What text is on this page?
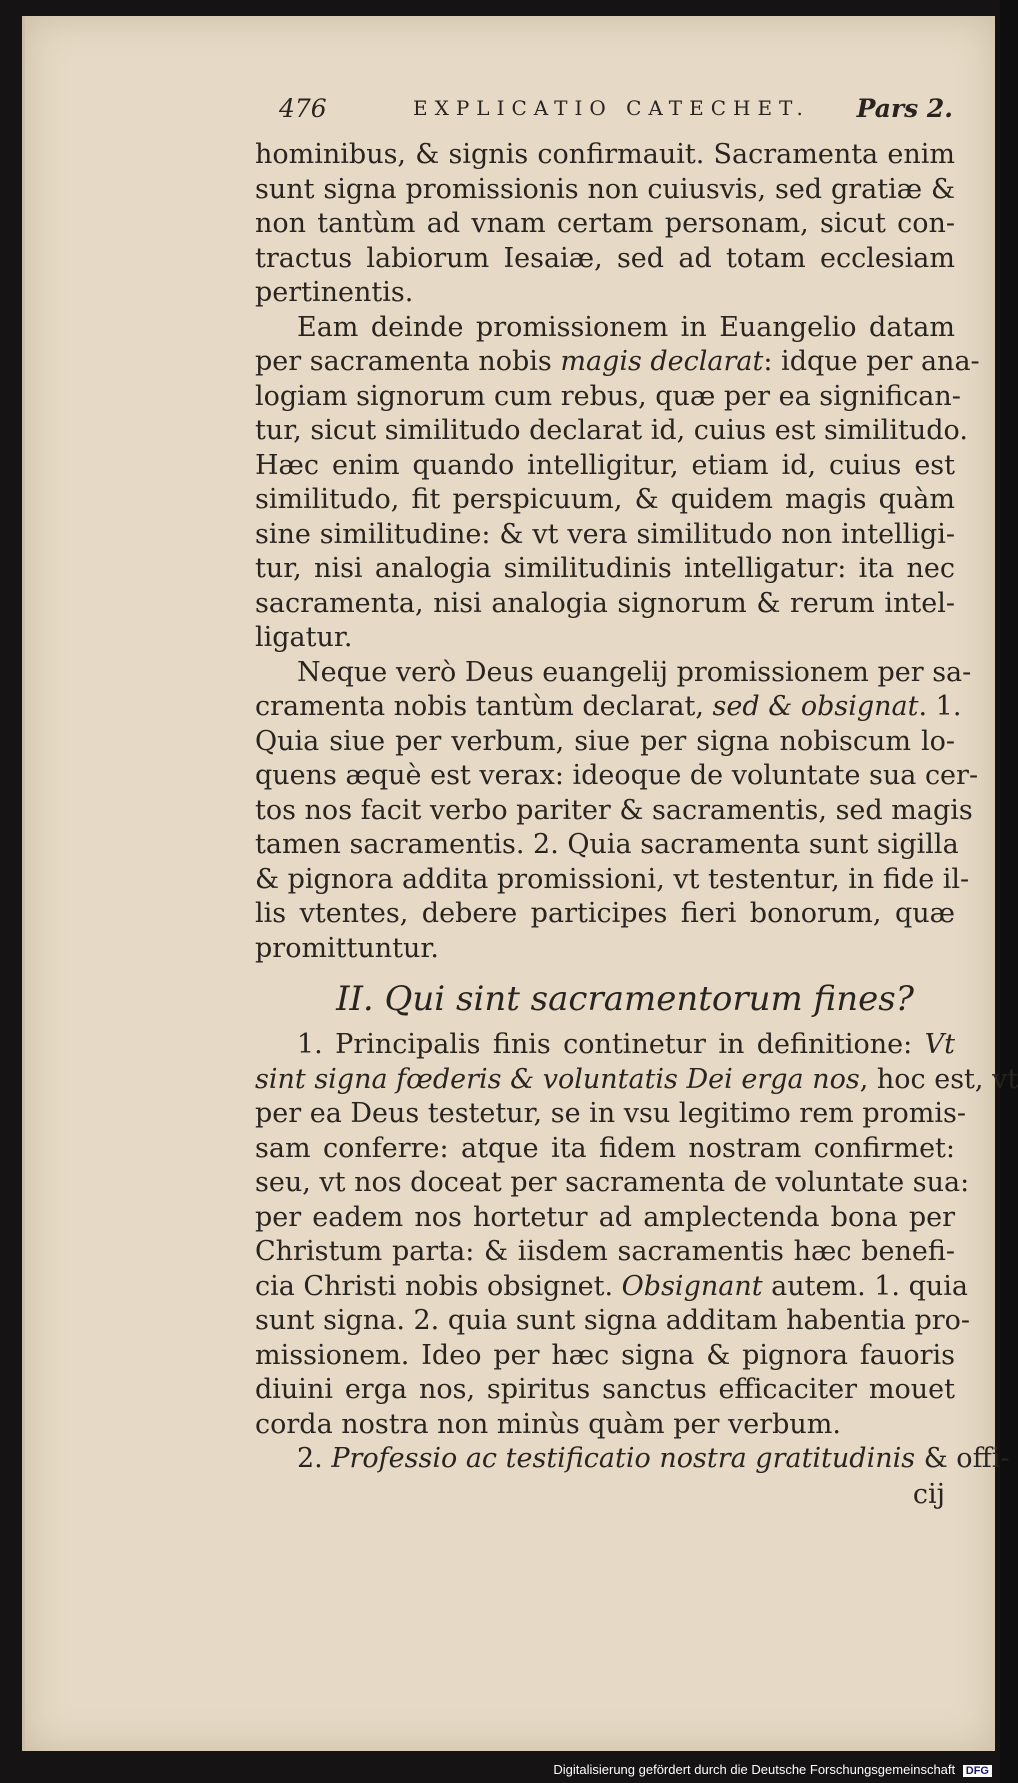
476	EXPLICATIO CATECHET. Pars 2.
hominibus, & signis confirmauit. Sacramenta enim
sunt signa promissionis non cuiusvis, sed gratiæ &
non tantùm ad vnam certam personam, sicut con-
tractus labiorum Iesaiæ, sed ad totam ecclesiam
pertinentis.
Eam deinde promissionem in Euangelio datam
per sacramenta nobis magis declarat: idque per ana-
logiam signorum cum rebus, quæ per ea significan-
tur, sicut similitudo declarat id, cuius est similitudo.
Hæc enim quando intelligitur, etiam id, cuius est
similitudo, fit perspicuum, & quidem magis quàm
sine similitudine: & vt vera similitudo non intelligi-
tur, nisi analogia similitudinis intelligatur: ita nec
sacramenta, nisi analogia signorum & rerum intel-
ligatur.
Neque verò Deus euangelij promissionem per sa-
cramenta nobis tantùm declarat, sed & obsignat. 1.
Quia siue per verbum, siue per signa nobiscum lo-
quens æquè est verax: ideoque de voluntate sua cer-
tos nos facit verbo pariter & sacramentis, sed magis
tamen sacramentis. 2. Quia sacramenta sunt sigilla
& pignora addita promissioni, vt testentur, in fide il-
lis vtentes, debere participes fieri bonorum, quæ
promittuntur.
II. Qui sint sacramentorum fines?
1. Principalis finis continetur in definitione: Vt
sint signa fœderis & voluntatis Dei erga nos, hoc est, vt
per ea Deus testetur, se in vsu legitimo rem promis-
sam conferre: atque ita fidem nostram confirmet:
seu, vt nos doceat per sacramenta de voluntate sua:
per eadem nos hortetur ad amplectenda bona per
Christum parta: & iisdem sacramentis hæc benefi-
cia Christi nobis obsignet. Obsignant autem. 1. quia
sunt signa. 2. quia sunt signa additam habentia pro-
missionem. Ideo per hæc signa & pignora fauoris
diuini erga nos, spiritus sanctus efficaciter mouet
corda nostra non minùs quàm per verbum.
2. Professio ac testificatio nostra gratitudinis & offi-
cij
Digitalisierung gefördert durch die Deutsche Forschungsgemeinschaft DFG
